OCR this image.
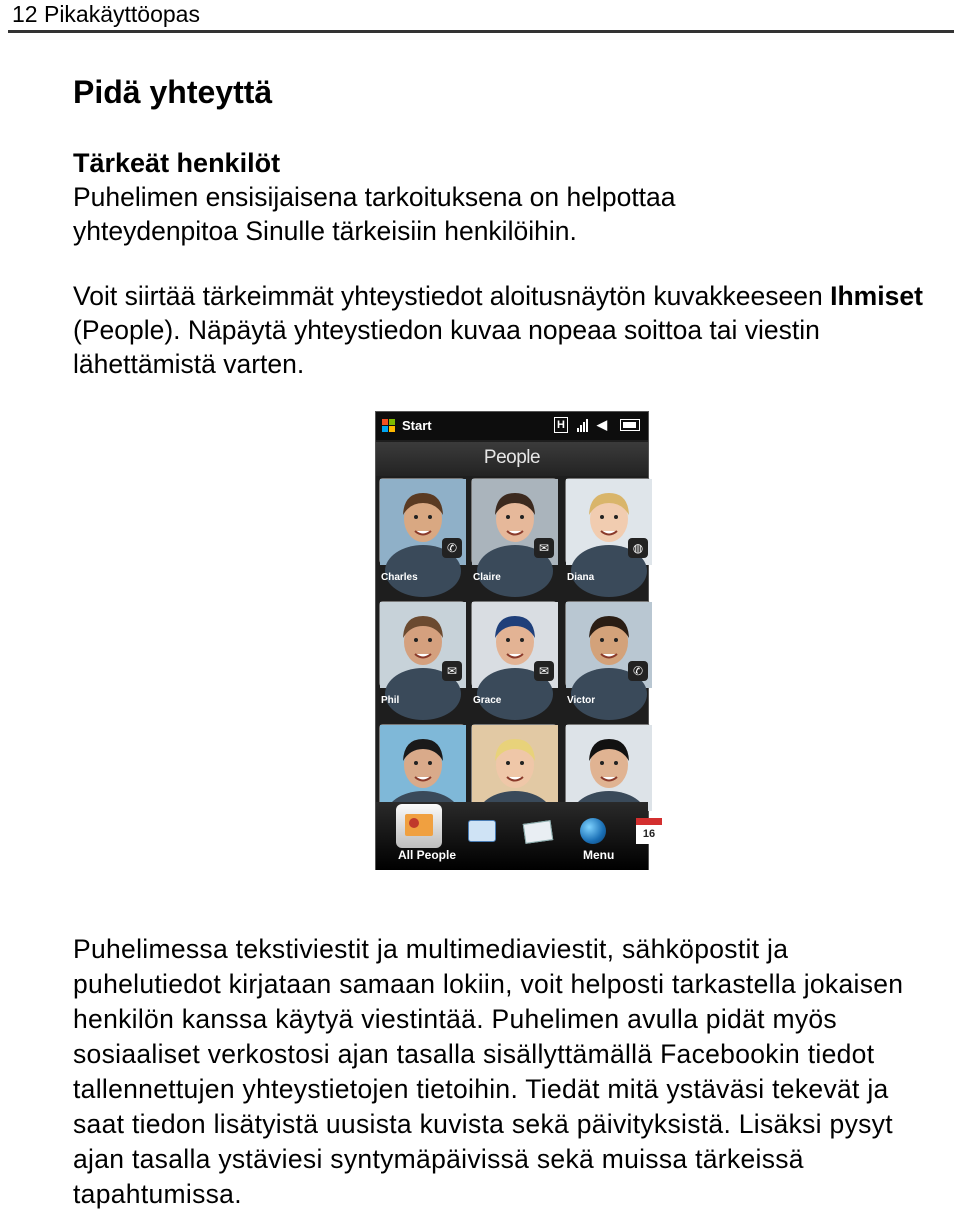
12 Pikakäyttöopas
Pidä yhteyttä
Tärkeät henkilöt

Puhelimen ensisijaisena tarkoituksena on helpottaa yhteydenpitoa Sinulle tärkeisiin henkilöihin.

Voit siirtää tärkeimmät yhteystiedot aloitusnäytön kuvakkeeseen Ihmiset (People). Näpäytä yhteystiedon kuvaa nopeaa soittoa tai viestin lähettämistä varten.

Start	H ◀
People
✆
Charles
✉
Claire
◍
Diana
✉
Phil
✉
Grace
✆
Victor
16
All People	Menu

Puhelimessa tekstiviestit ja multimediaviestit, sähköpostit ja puhelutiedot kirjataan samaan lokiin, voit helposti tarkastella jokaisen henkilön kanssa käytyä viestintää. Puhelimen avulla pidät myös sosiaaliset verkostosi ajan tasalla sisällyttämällä Facebookin tiedot tallennettujen yhteystietojen tietoihin. Tiedät mitä ystäväsi tekevät ja saat tiedon lisätyistä uusista kuvista sekä päivityksistä. Lisäksi pysyt ajan tasalla ystäviesi syntymäpäivissä sekä muissa tärkeissä tapahtumissa.
